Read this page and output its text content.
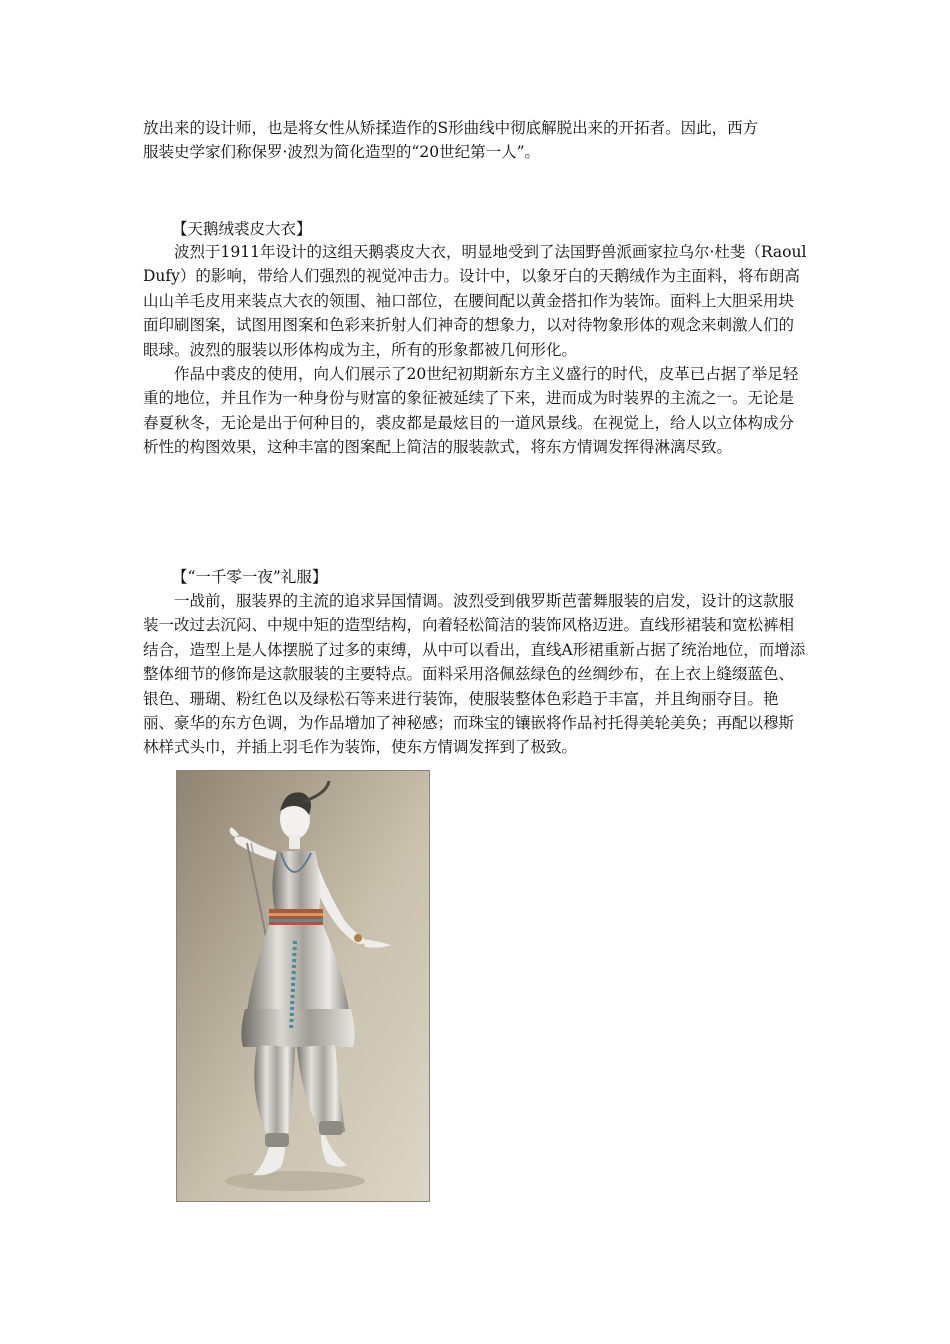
放出来的设计师，也是将女性从矫揉造作的S形曲线中彻底解脱出来的开拓者。因此，西方

服装史学家们称保罗·波烈为简化造型的“20世纪第一人”。

【天鹅绒裘皮大衣】

波烈于1911年设计的这组天鹅裘皮大衣，明显地受到了法国野兽派画家拉乌尔·杜斐（Raoul Dufy）的影响，带给人们强烈的视觉冲击力。设计中，以象牙白的天鹅绒作为主面料，将布朗高山山羊毛皮用来装点大衣的领围、袖口部位，在腰间配以黄金搭扣作为装饰。面料上大胆采用块面印刷图案，试图用图案和色彩来折射人们神奇的想象力，以对待物象形体的观念来刺激人们的眼球。波烈的服装以形体构成为主，所有的形象都被几何形化。

作品中裘皮的使用，向人们展示了20世纪初期新东方主义盛行的时代，皮革已占据了举足轻重的地位，并且作为一种身份与财富的象征被延续了下来，进而成为时装界的主流之一。无论是春夏秋冬，无论是出于何种目的，裘皮都是最炫目的一道风景线。在视觉上，给人以立体构成分析性的构图效果，这种丰富的图案配上简洁的服装款式，将东方情调发挥得淋漓尽致。

【“一千零一夜”礼服】

一战前，服装界的主流的追求异国情调。波烈受到俄罗斯芭蕾舞服装的启发，设计的这款服装一改过去沉闷、中规中矩的造型结构，向着轻松简洁的装饰风格迈进。直线形裙装和宽松裤相结合，造型上是人体摆脱了过多的束缚，从中可以看出，直线A形裙重新占据了统治地位，而增添整体细节的修饰是这款服装的主要特点。面料采用洛佩兹绿色的丝绸纱布，在上衣上缝缀蓝色、银色、珊瑚、粉红色以及绿松石等来进行装饰，使服装整体色彩趋于丰富，并且绚丽夺目。艳丽、豪华的东方色调，为作品增加了神秘感；而珠宝的镶嵌将作品衬托得美轮美奂；再配以穆斯林样式头巾，并插上羽毛作为装饰，使东方情调发挥到了极致。
